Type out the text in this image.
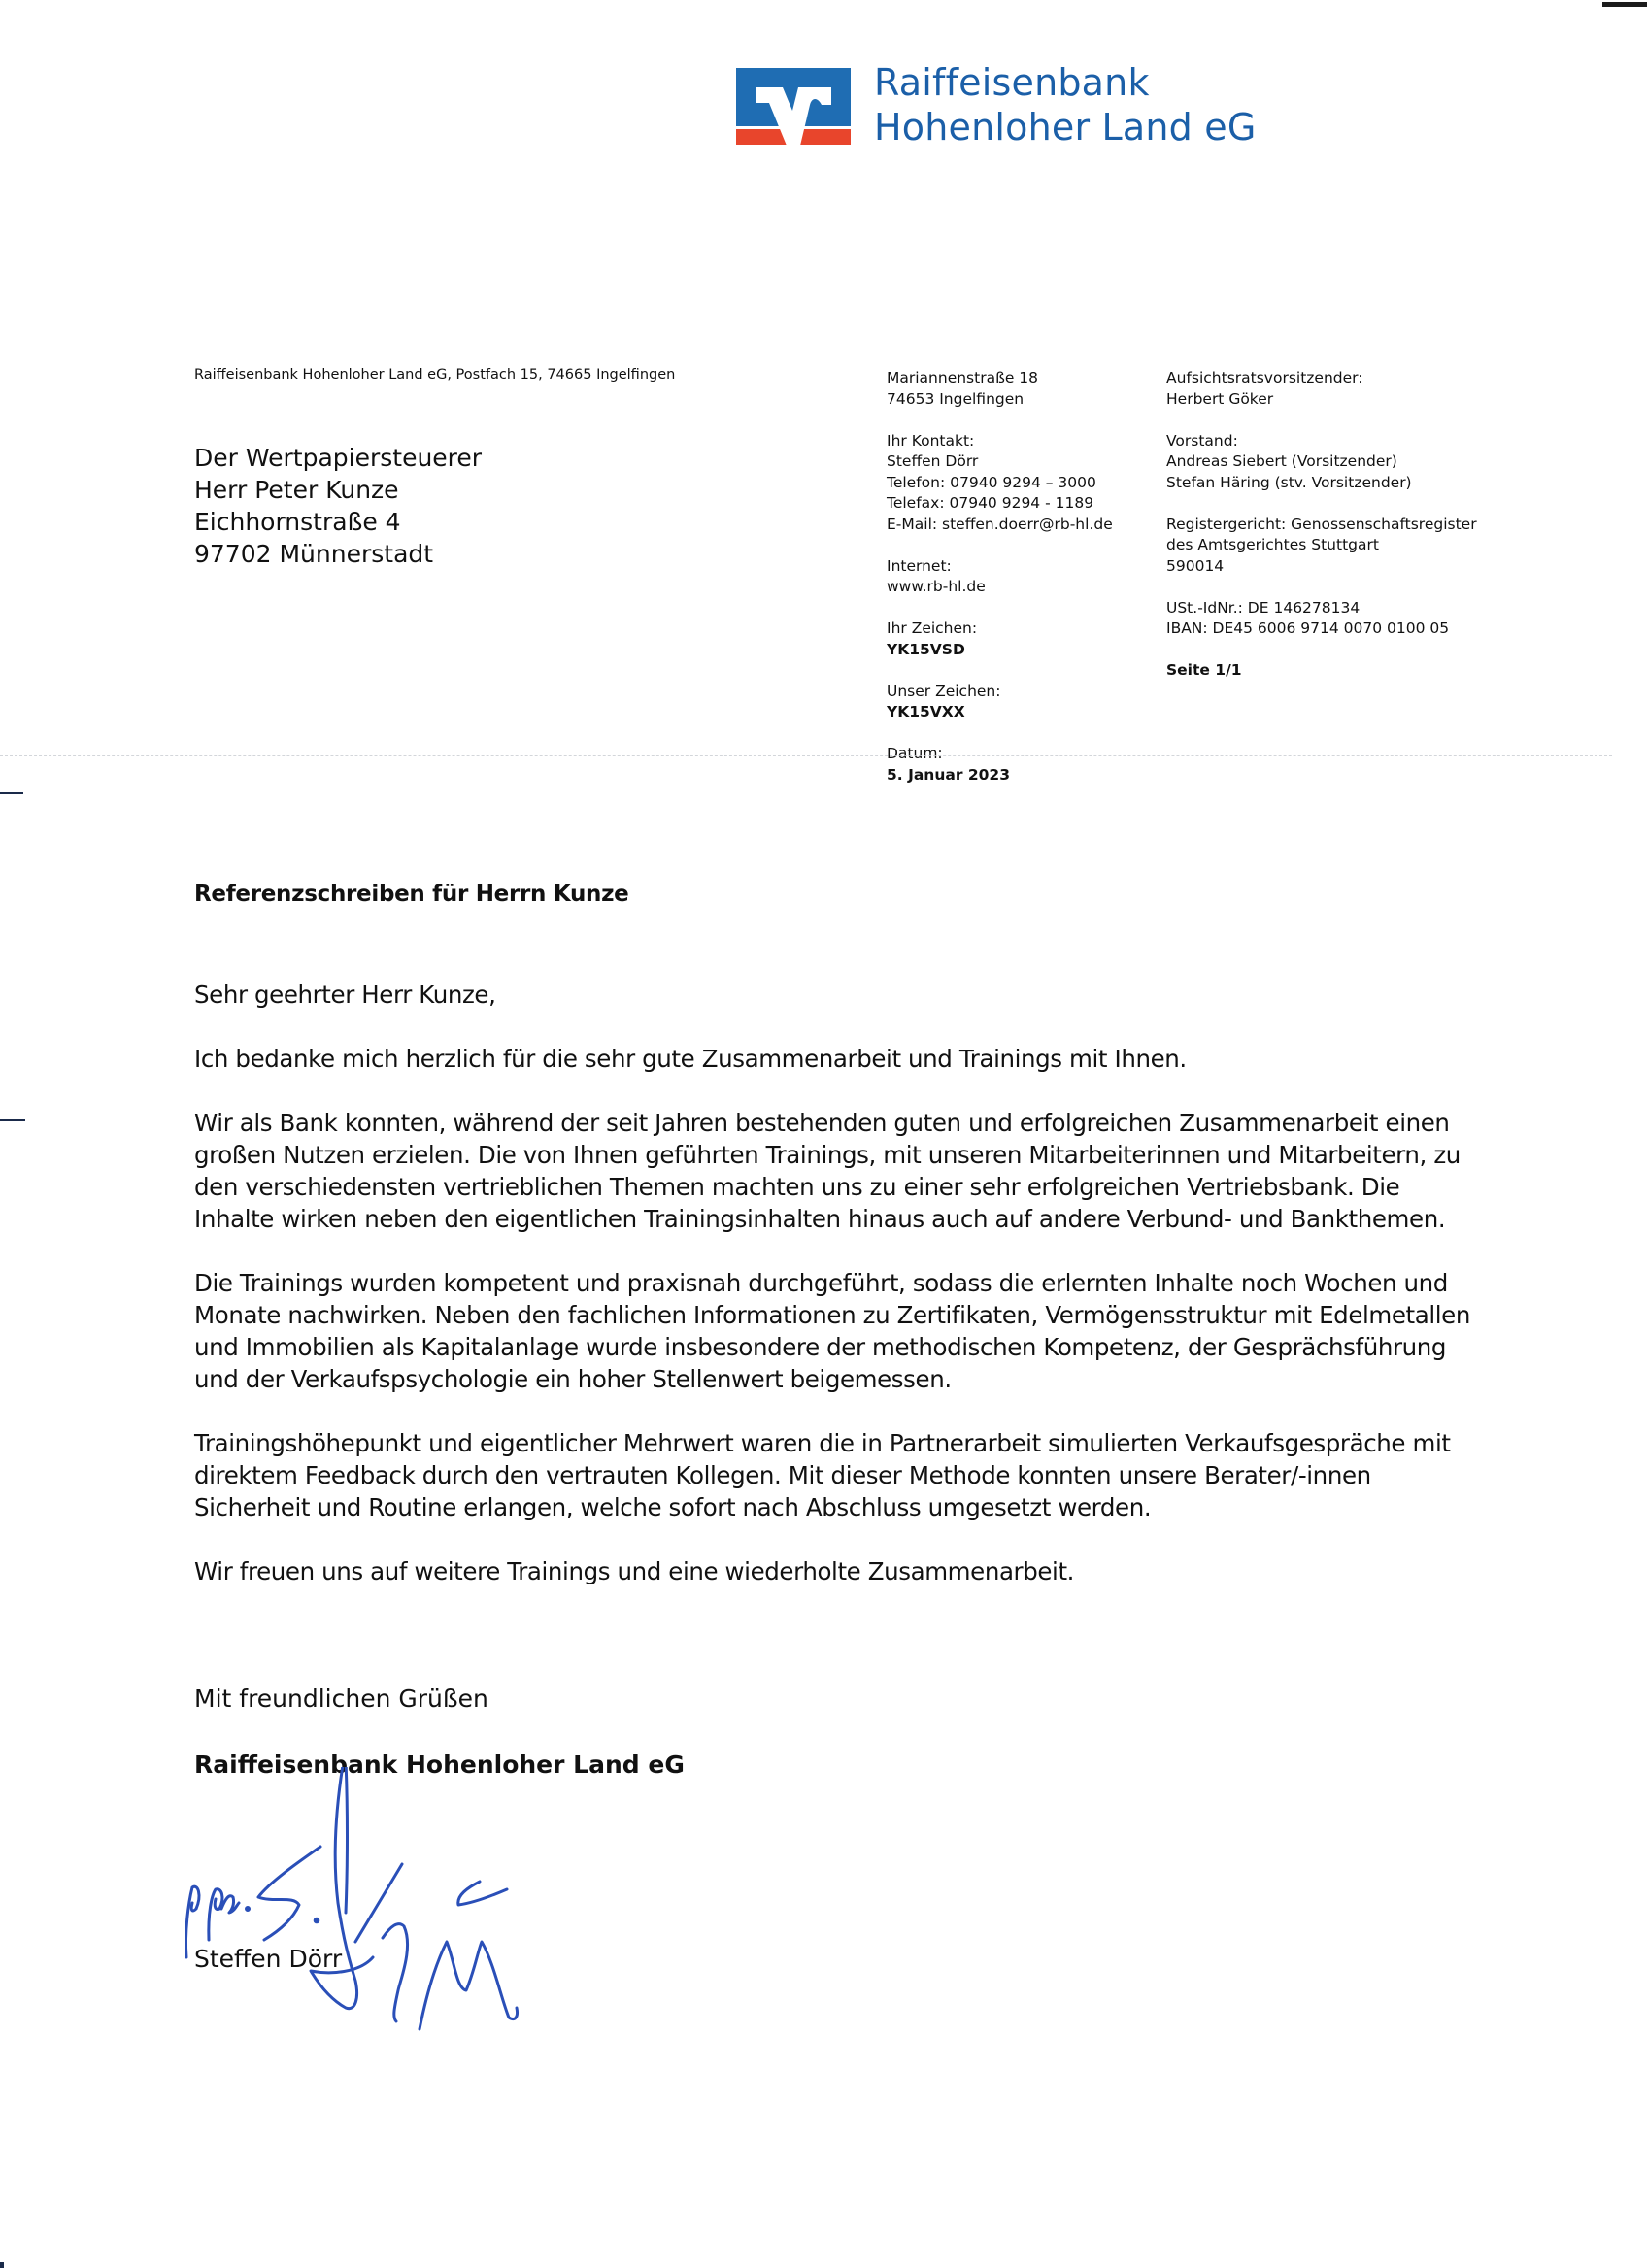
Raiffeisenbank
Hohenloher Land eG
Raiffeisenbank Hohenloher Land eG, Postfach 15, 74665 Ingelfingen
Der Wertpapiersteuerer
Herr Peter Kunze
Eichhornstraße 4
97702 Münnerstadt
Mariannenstraße 18
74653 Ingelfingen
Ihr Kontakt:
Steffen Dörr
Telefon: 07940 9294 – 3000
Telefax: 07940 9294 - 1189
E-Mail: steffen.doerr@rb-hl.de
Internet:
www.rb-hl.de
Ihr Zeichen:
YK15VSD
Unser Zeichen:
YK15VXX
Datum:
5. Januar 2023
Aufsichtsratsvorsitzender:
Herbert Göker
Vorstand:
Andreas Siebert (Vorsitzender)
Stefan Häring (stv. Vorsitzender)
Registergericht: Genossenschaftsregister
des Amtsgerichtes Stuttgart
590014
USt.-IdNr.: DE 146278134
IBAN: DE45 6006 9714 0070 0100 05
Seite 1/1
Referenzschreiben für Herrn Kunze

Sehr geehrter Herr Kunze,

Ich bedanke mich herzlich für die sehr gute Zusammenarbeit und Trainings mit Ihnen.

Wir als Bank konnten, während der seit Jahren bestehenden guten und erfolgreichen Zusammenarbeit einen großen Nutzen erzielen. Die von Ihnen geführten Trainings, mit unseren Mitarbeiterinnen und Mitarbeitern, zu den verschiedensten vertrieblichen Themen machten uns zu einer sehr erfolgreichen Vertriebsbank. Die Inhalte wirken neben den eigentlichen Trainingsinhalten hinaus auch auf andere Verbund- und Bankthemen.

Die Trainings wurden kompetent und praxisnah durchgeführt, sodass die erlernten Inhalte noch Wochen und Monate nachwirken. Neben den fachlichen Informationen zu Zertifikaten, Vermögensstruktur mit Edelmetallen und Immobilien als Kapitalanlage wurde insbesondere der methodischen Kompetenz, der Gesprächsführung und der Verkaufspsychologie ein hoher Stellenwert beigemessen.

Trainingshöhepunkt und eigentlicher Mehrwert waren die in Partnerarbeit simulierten Verkaufsgespräche mit direktem Feedback durch den vertrauten Kollegen. Mit dieser Methode konnten unsere Berater/-innen Sicherheit und Routine erlangen, welche sofort nach Abschluss umgesetzt werden.

Wir freuen uns auf weitere Trainings und eine wiederholte Zusammenarbeit.

Mit freundlichen Grüßen
Raiffeisenbank Hohenloher Land eG
Steffen Dörr
